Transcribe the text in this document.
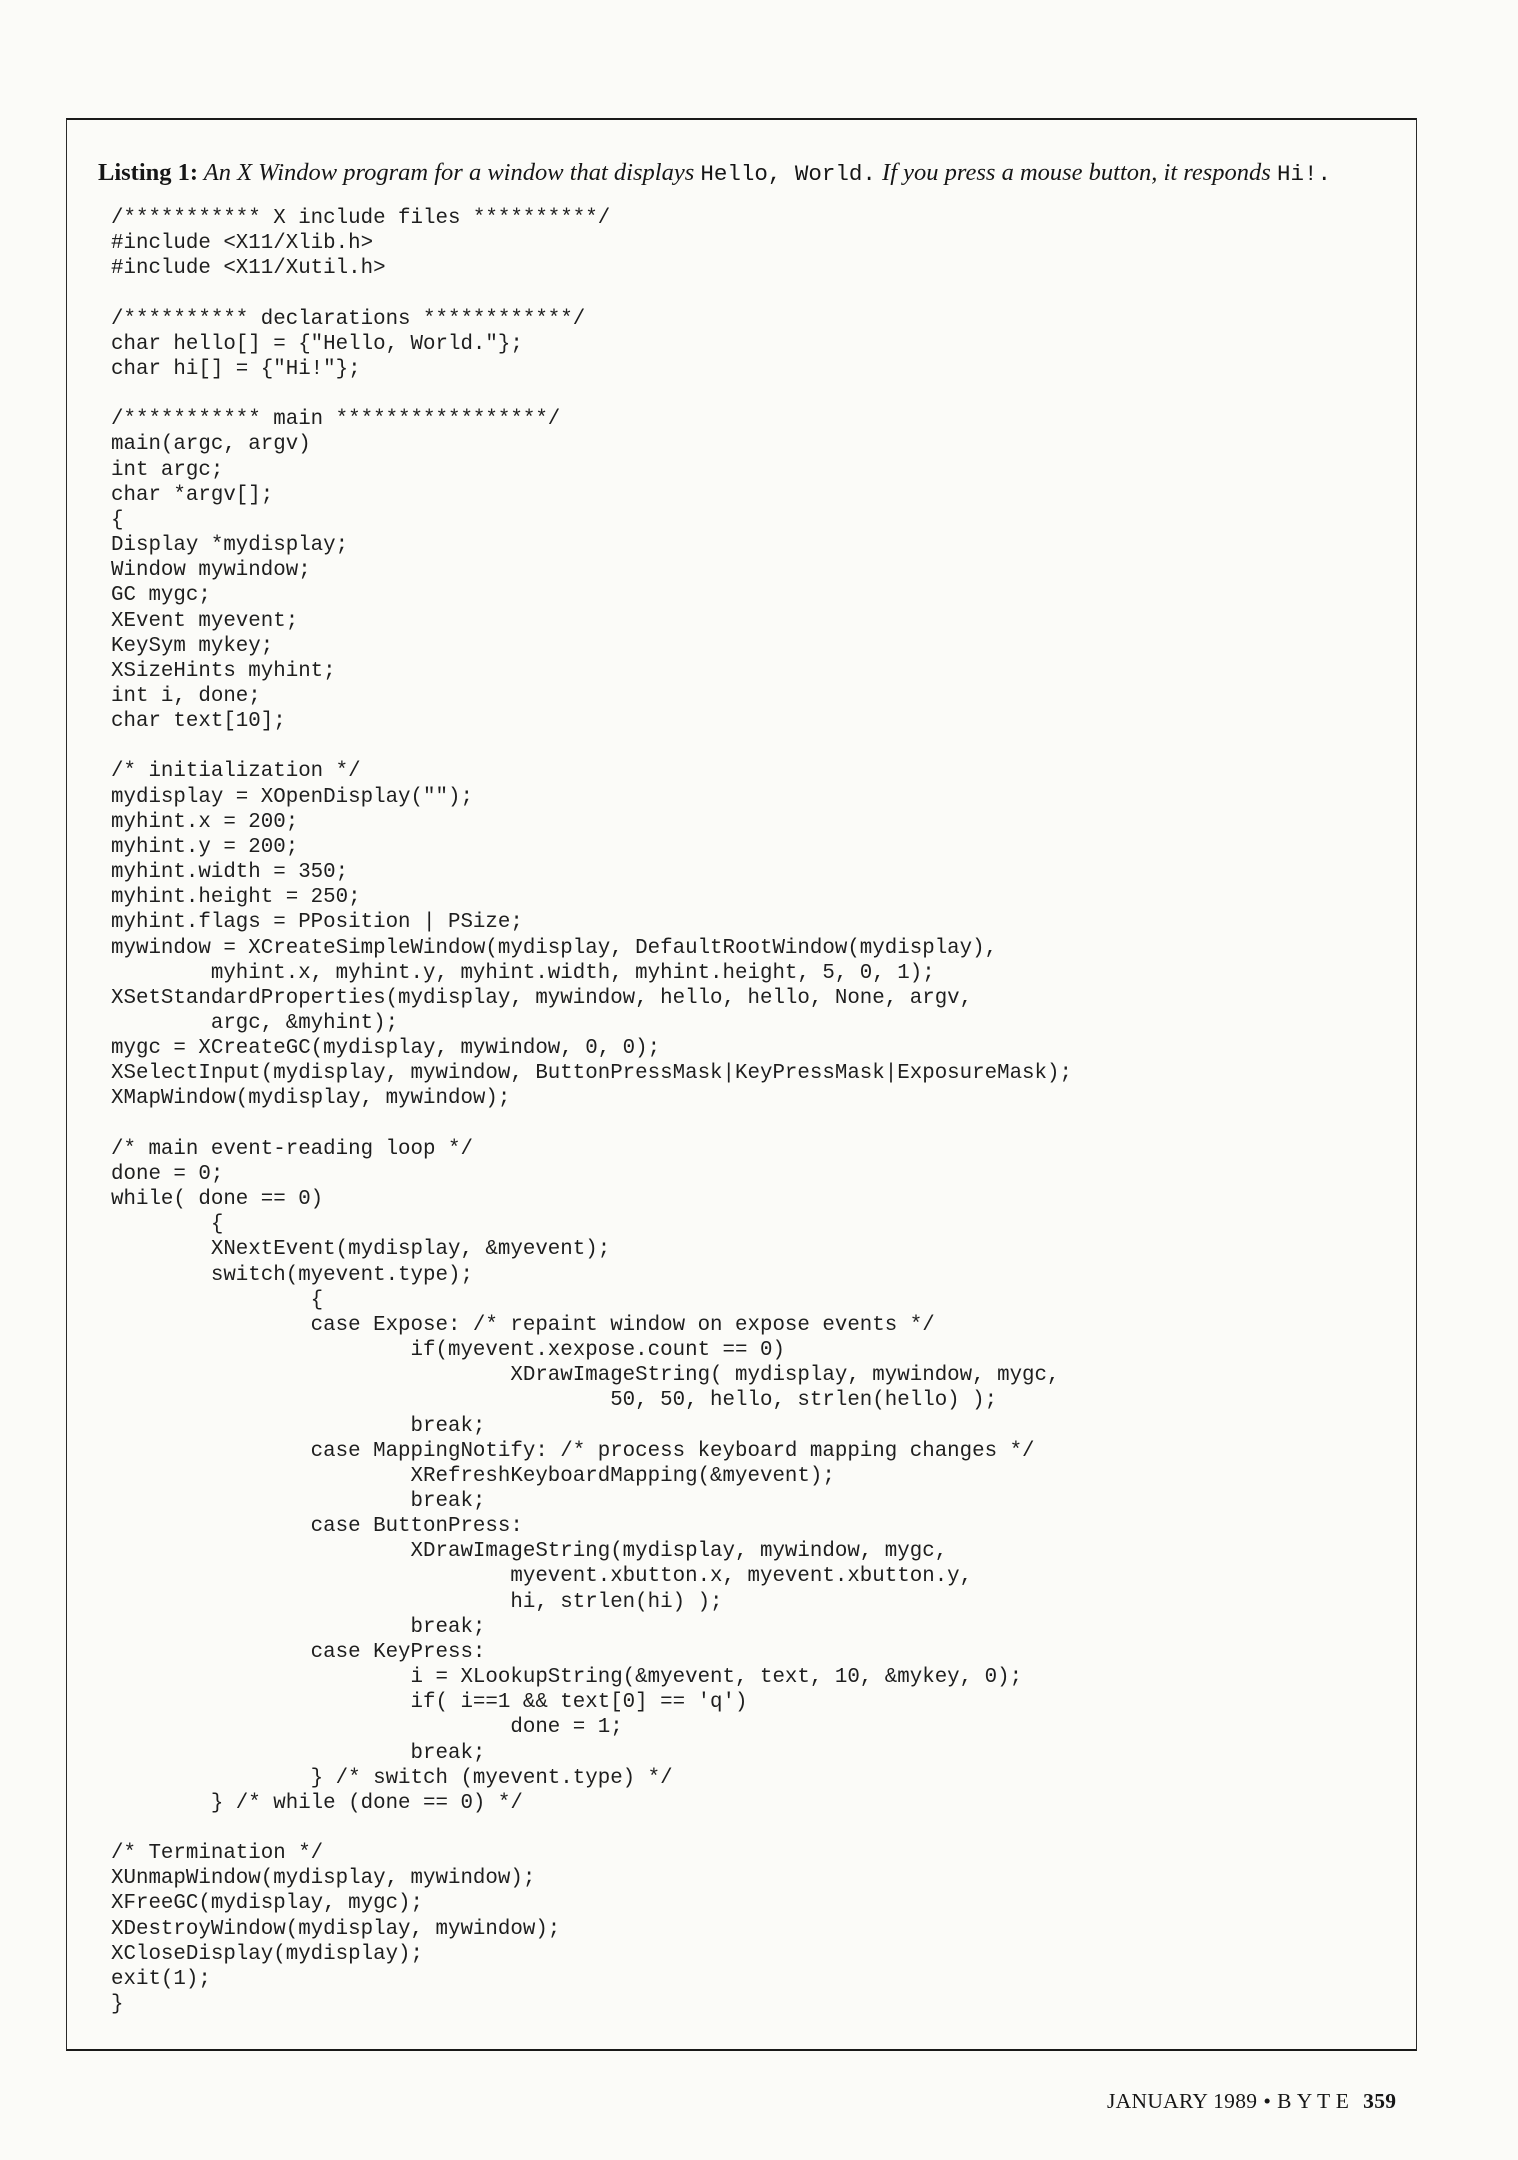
Listing 1: An X Window program for a window that displays Hello, World. If you press a mouse button, it responds Hi!.
/*********** X include files **********/
#include <X11/Xlib.h>
#include <X11/Xutil.h>

/********** declarations ************/
char hello[] = {"Hello, World."};
char hi[] = {"Hi!"};

/*********** main *****************/
main(argc, argv)
int argc;
char *argv[];
{
Display *mydisplay;
Window mywindow;
GC mygc;
XEvent myevent;
KeySym mykey;
XSizeHints myhint;
int i, done;
char text[10];

/* initialization */
mydisplay = XOpenDisplay("");
myhint.x = 200;
myhint.y = 200;
myhint.width = 350;
myhint.height = 250;
myhint.flags = PPosition | PSize;
mywindow = XCreateSimpleWindow(mydisplay, DefaultRootWindow(mydisplay),
myhint.x, myhint.y, myhint.width, myhint.height, 5, 0, 1);
XSetStandardProperties(mydisplay, mywindow, hello, hello, None, argv,
argc, &myhint);
mygc = XCreateGC(mydisplay, mywindow, 0, 0);
XSelectInput(mydisplay, mywindow, ButtonPressMask|KeyPressMask|ExposureMask);
XMapWindow(mydisplay, mywindow);

/* main event-reading loop */
done = 0;
while( done == 0)
{
XNextEvent(mydisplay, &myevent);
switch(myevent.type);
{
case Expose: /* repaint window on expose events */
if(myevent.xexpose.count == 0)
XDrawImageString( mydisplay, mywindow, mygc,
50, 50, hello, strlen(hello) );
break;
case MappingNotify: /* process keyboard mapping changes */
XRefreshKeyboardMapping(&myevent);
break;
case ButtonPress:
XDrawImageString(mydisplay, mywindow, mygc,
myevent.xbutton.x, myevent.xbutton.y,
hi, strlen(hi) );
break;
case KeyPress:
i = XLookupString(&myevent, text, 10, &mykey, 0);
if( i==1 && text[0] == 'q')
done = 1;
break;
} /* switch (myevent.type) */
} /* while (done == 0) */

/* Termination */
XUnmapWindow(mydisplay, mywindow);
XFreeGC(mydisplay, mygc);
XDestroyWindow(mydisplay, mywindow);
XCloseDisplay(mydisplay);
exit(1);
}
JANUARY 1989 • B Y T E 359
